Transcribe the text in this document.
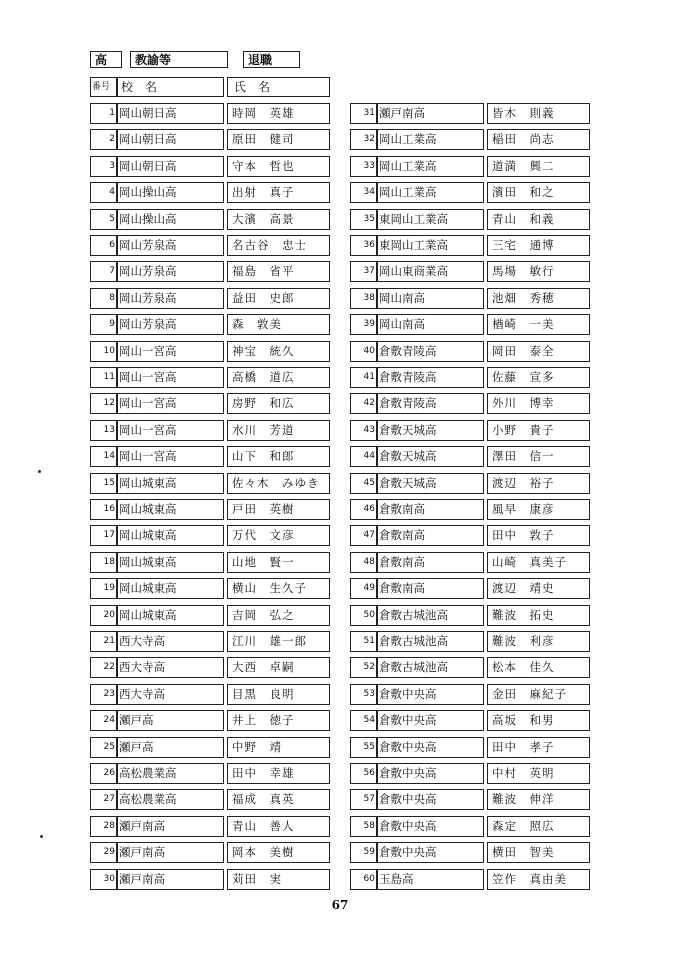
高	教諭等	退職
番号 校　名	氏　名
1 岡山朝日高	時岡　英雄
2 岡山朝日高	原田　健司
3 岡山朝日高	守本　哲也
4 岡山操山高	出射　真子
5 岡山操山高	大濱　高景
6 岡山芳泉高	名古谷　忠士
7 岡山芳泉高	福島　省平
8 岡山芳泉高	益田　史郎
9 岡山芳泉高	森　敦美
10 岡山一宮高	神宝　統久
11 岡山一宮高	高橋　道広
12 岡山一宮高	房野　和広
13 岡山一宮高	水川　芳道
14 岡山一宮高	山下　和郎
15 岡山城東高	佐々木　みゆき
16 岡山城東高	戸田　英樹
17 岡山城東高	万代　文彦
18 岡山城東高	山地　賢一
19 岡山城東高	横山　生久子
20 岡山城東高	吉岡　弘之
21 西大寺高	江川　雄一郎
22 西大寺高	大西　卓嗣
23 西大寺高	目黒　良明
24 瀬戸高	井上　徳子
25 瀬戸高	中野　靖
26 高松農業高	田中　幸雄
27 高松農業高	福成　真英
28 瀬戸南高	青山　善人
29 瀬戸南高	岡本　美樹
30 瀬戸南高	苅田　実
31 瀬戸南高	皆木　則義
32 岡山工業高	稲田　尚志
33 岡山工業高	道満　興二
34 岡山工業高	濱田　和之
35 東岡山工業高	青山　和義
36 東岡山工業高	三宅　通博
37 岡山東商業高	馬場　敏行
38 岡山南高	池畑　秀穂
39 岡山南高	楢崎　一美
40 倉敷青陵高	岡田　泰全
41 倉敷青陵高	佐藤　宣多
42 倉敷青陵高	外川　博幸
43 倉敷天城高	小野　貴子
44 倉敷天城高	澤田　信一
45 倉敷天城高	渡辺　裕子
46 倉敷南高	風早　康彦
47 倉敷南高	田中　敦子
48 倉敷南高	山崎　真美子
49 倉敷南高	渡辺　靖史
50 倉敷古城池高	難波　拓史
51 倉敷古城池高	難波　利彦
52 倉敷古城池高	松本　佳久
53 倉敷中央高	金田　麻紀子
54 倉敷中央高	高坂　和男
55 倉敷中央高	田中　孝子
56 倉敷中央高	中村　英明
57 倉敷中央高	難波　伸洋
58 倉敷中央高	森定　照広
59 倉敷中央高	横田　智美
60 玉島高	笠作　真由美
67
